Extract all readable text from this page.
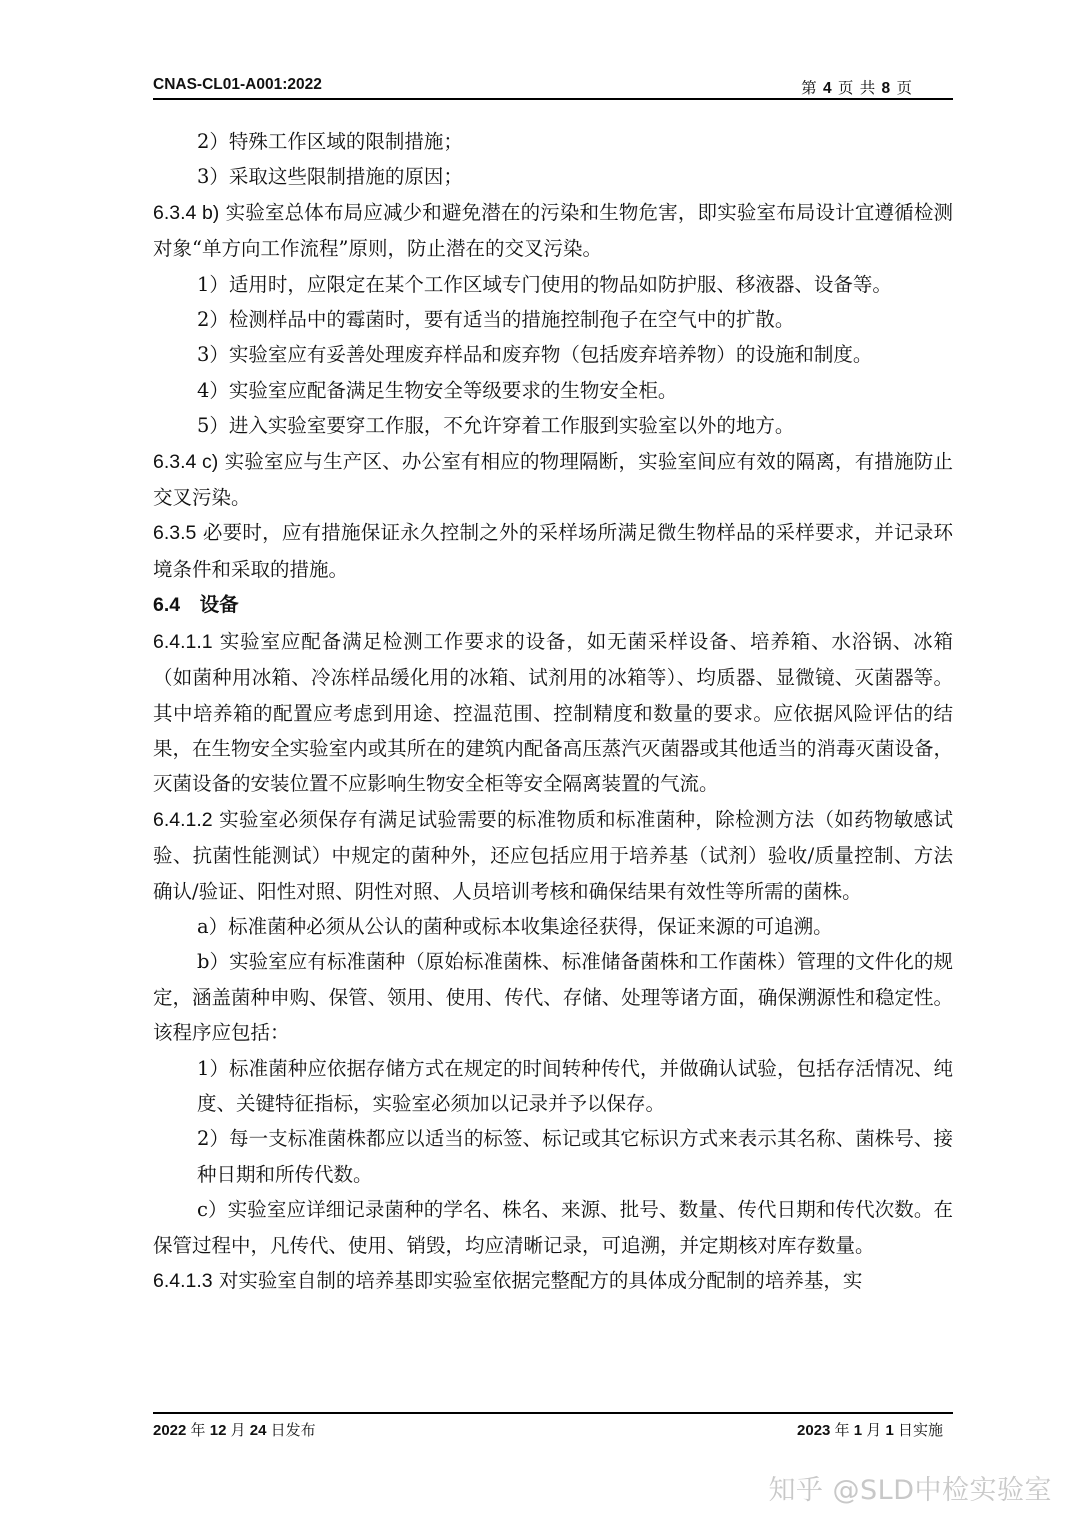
CNAS-CL01-A001:2022	第 4 页 共 8 页

2）特殊工作区域的限制措施；

3）采取这些限制措施的原因；

6.3.4 b) 实验室总体布局应减少和避免潜在的污染和生物危害，即实验室布局设计宜遵循检测对象“单方向工作流程”原则，防止潜在的交叉污染。

1）适用时，应限定在某个工作区域专门使用的物品如防护服、移液器、设备等。

2）检测样品中的霉菌时，要有适当的措施控制孢子在空气中的扩散。

3）实验室应有妥善处理废弃样品和废弃物（包括废弃培养物）的设施和制度。

4）实验室应配备满足生物安全等级要求的生物安全柜。

5）进入实验室要穿工作服，不允许穿着工作服到实验室以外的地方。

6.3.4 c) 实验室应与生产区、办公室有相应的物理隔断，实验室间应有效的隔离，有措施防止交叉污染。

6.3.5 必要时，应有措施保证永久控制之外的采样场所满足微生物样品的采样要求，并记录环境条件和采取的措施。

6.4　设备

6.4.1.1 实验室应配备满足检测工作要求的设备，如无菌采样设备、培养箱、水浴锅、冰箱（如菌种用冰箱、冷冻样品缓化用的冰箱、试剂用的冰箱等）、均质器、显微镜、灭菌器等。其中培养箱的配置应考虑到用途、控温范围、控制精度和数量的要求。应依据风险评估的结果，在生物安全实验室内或其所在的建筑内配备高压蒸汽灭菌器或其他适当的消毒灭菌设备，灭菌设备的安装位置不应影响生物安全柜等安全隔离装置的气流。

6.4.1.2 实验室必须保存有满足试验需要的标准物质和标准菌种，除检测方法（如药物敏感试验、抗菌性能测试）中规定的菌种外，还应包括应用于培养基（试剂）验收/质量控制、方法确认/验证、阳性对照、阴性对照、人员培训考核和确保结果有效性等所需的菌株。

a）标准菌种必须从公认的菌种或标本收集途径获得，保证来源的可追溯。

b）实验室应有标准菌种（原始标准菌株、标准储备菌株和工作菌株）管理的文件化的规定，涵盖菌种申购、保管、领用、使用、传代、存储、处理等诸方面，确保溯源性和稳定性。该程序应包括：

1）标准菌种应依据存储方式在规定的时间转种传代，并做确认试验，包括存活情况、纯度、关键特征指标，实验室必须加以记录并予以保存。

2）每一支标准菌株都应以适当的标签、标记或其它标识方式来表示其名称、菌株号、接种日期和所传代数。

c）实验室应详细记录菌种的学名、株名、来源、批号、数量、传代日期和传代次数。在保管过程中，凡传代、使用、销毁，均应清晰记录，可追溯，并定期核对库存数量。

6.4.1.3 对实验室自制的培养基即实验室依据完整配方的具体成分配制的培养基，实

2022 年 12 月 24 日发布	2023 年 1 月 1 日实施
知乎 @SLD中检实验室
